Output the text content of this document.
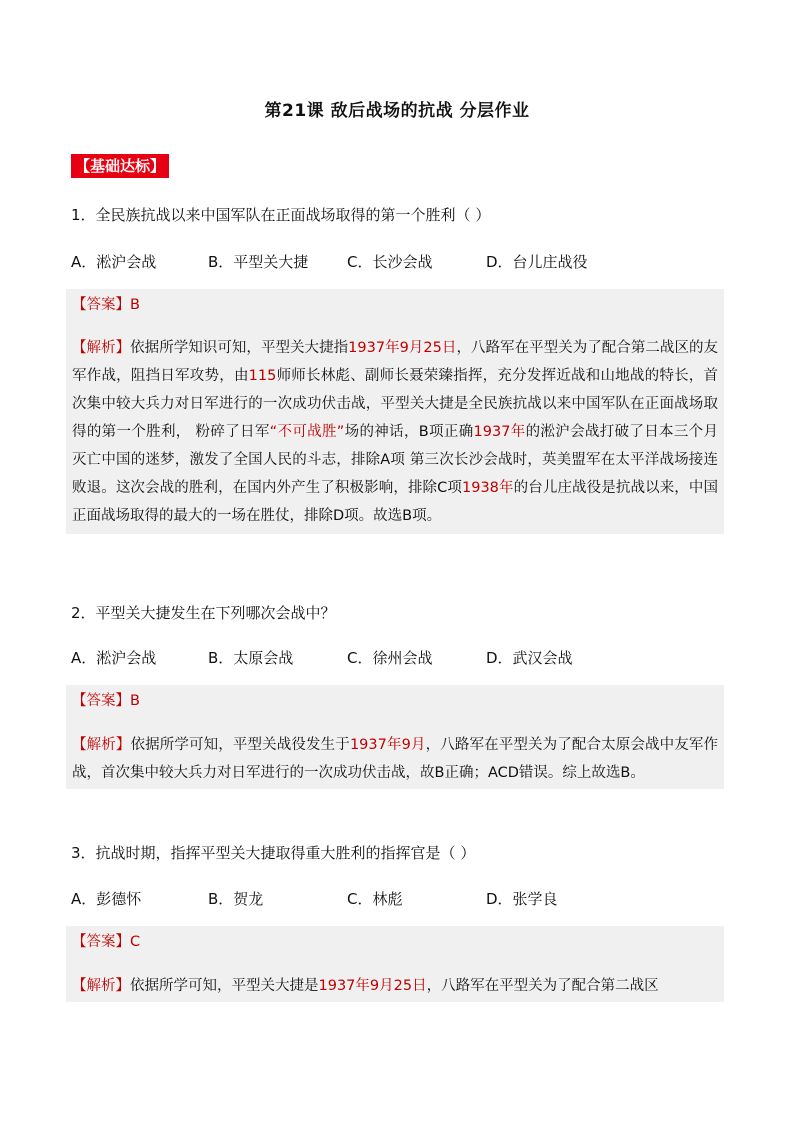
第21课 敌后战场的抗战 分层作业
【基础达标】
1．全民族抗战以来中国军队在正面战场取得的第一个胜利（ ）
A．淞沪会战	B．平型关大捷	C．长沙会战	D．台儿庄战役
【答案】B
【解析】依据所学知识可知，平型关大捷指1937年9月25日，八路军在平型关为了配合第二战区的友军作战，阻挡日军攻势，由115师师长林彪、副师长聂荣臻指挥，充分发挥近战和山地战的特长，首次集中较大兵力对日军进行的一次成功伏击战，平型关大捷是全民族抗战以来中国军队在正面战场取得的第一个胜利， 粉碎了日军“不可战胜”场的神话，B项正确1937年的淞沪会战打破了日本三个月灭亡中国的迷梦，激发了全国人民的斗志，排除A项 第三次长沙会战时，英美盟军在太平洋战场接连败退。这次会战的胜利，在国内外产生了积极影响，排除C项1938年的台儿庄战役是抗战以来，中国正面战场取得的最大的一场在胜仗，排除D项。故选B项。
2．平型关大捷发生在下列哪次会战中？
A．淞沪会战	B．太原会战	C．徐州会战	D．武汉会战
【答案】B
【解析】依据所学可知，平型关战役发生于1937年9月，八路军在平型关为了配合太原会战中友军作战，首次集中较大兵力对日军进行的一次成功伏击战，故B正确；ACD错误。综上故选B。
3．抗战时期，指挥平型关大捷取得重大胜利的指挥官是（ ）
A．彭德怀	B．贺龙	C．林彪	D．张学良
【答案】C
【解析】依据所学可知，平型关大捷是1937年9月25日，八路军在平型关为了配合第二战区
